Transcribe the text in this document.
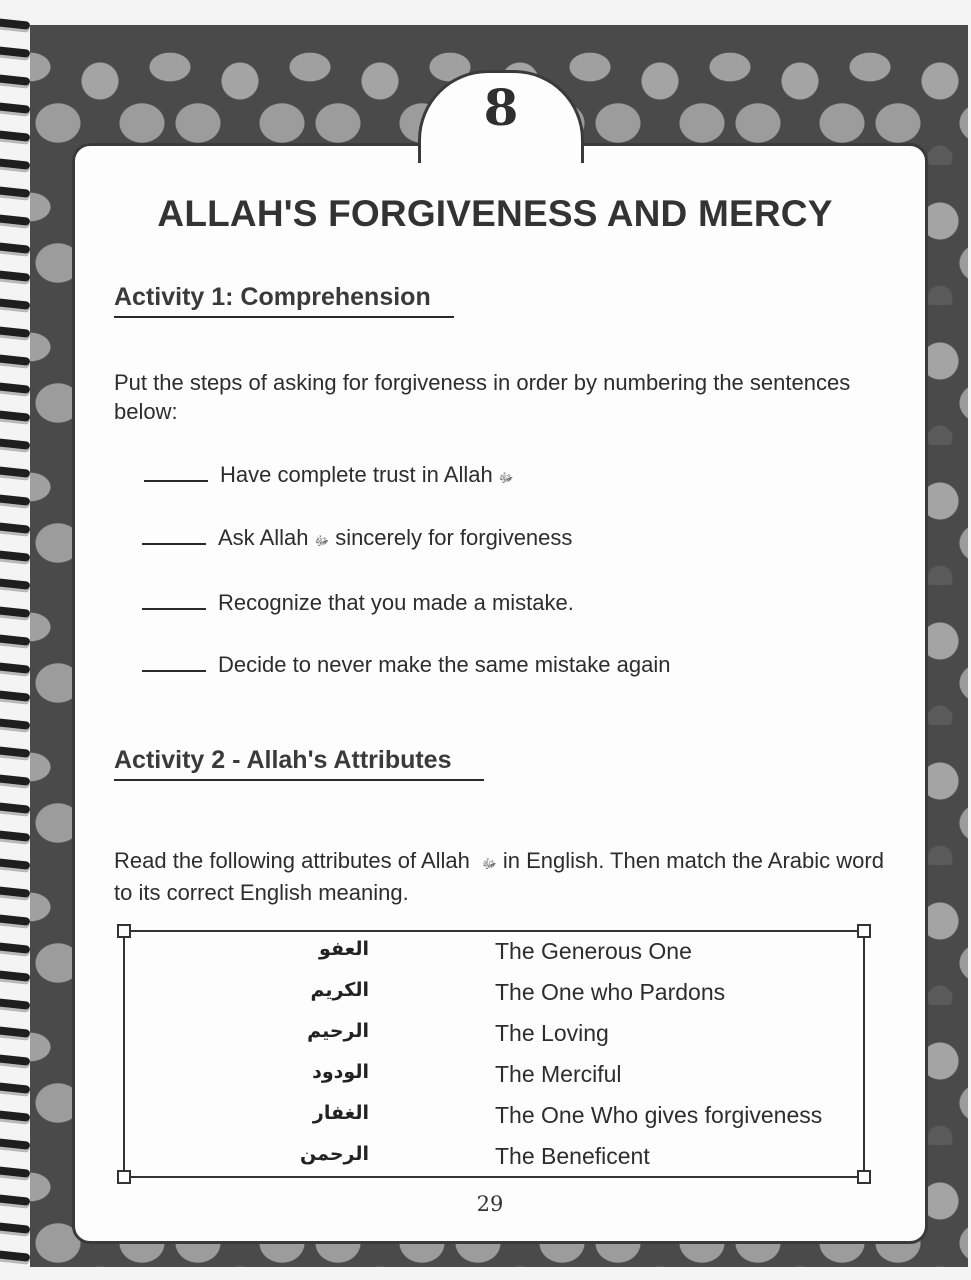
8
ALLAH'S FORGIVENESS AND MERCY
Activity 1: Comprehension
Put the steps of asking for forgiveness in order by numbering the sentences below:
Have complete trust in Allah ﷻ
Ask Allah ﷻ sincerely for forgiveness
Recognize that you made a mistake.
Decide to never make the same mistake again
Activity 2 - Allah's Attributes
Read the following attributes of Allah ﷻ in English. Then match the Arabic word to its correct English meaning.
العفو	The Generous One
الكريم	The One who Pardons
الرحيم	The Loving
الودود	The Merciful
الغفار	The One Who gives forgiveness
الرحمن	The Beneficent
29
